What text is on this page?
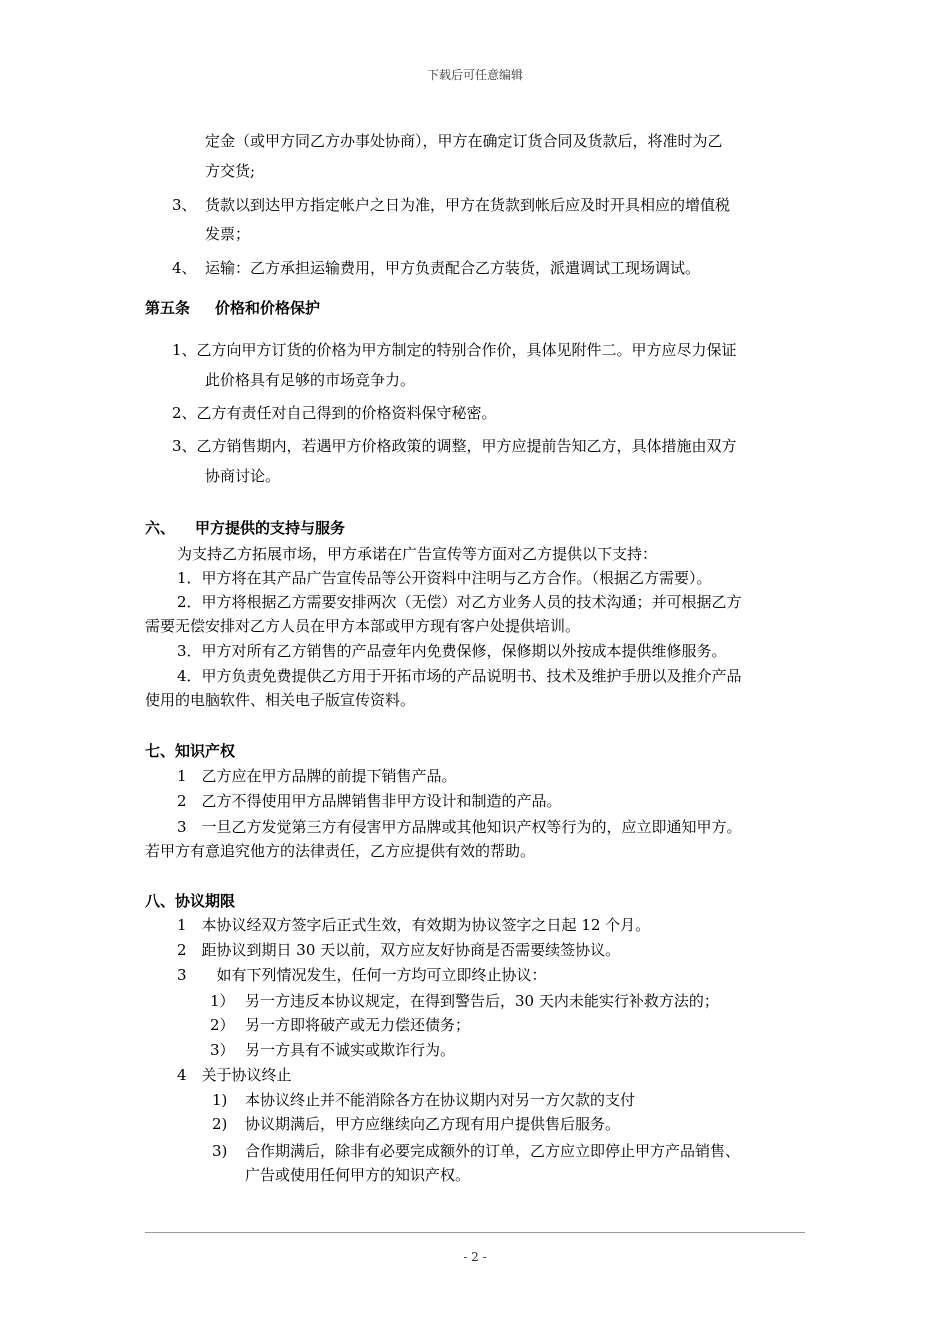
下载后可任意编辑
定金（或甲方同乙方办事处协商），甲方在确定订货合同及货款后，将准时为乙
方交货;
3、 货款以到达甲方指定帐户之日为准，甲方在货款到帐后应及时开具相应的增值税
发票；
4、 运输：乙方承担运输费用，甲方负责配合乙方装货，派遣调试工现场调试。
第五条 价格和价格保护
1、乙方向甲方订货的价格为甲方制定的特别合作价，具体见附件二。甲方应尽力保证
此价格具有足够的市场竞争力。
2、乙方有责任对自己得到的价格资料保守秘密。
3、乙方销售期内，若遇甲方价格政策的调整，甲方应提前告知乙方，具体措施由双方
协商讨论。
六、 甲方提供的支持与服务
为支持乙方拓展市场，甲方承诺在广告宣传等方面对乙方提供以下支持：
1．甲方将在其产品广告宣传品等公开资料中注明与乙方合作。（根据乙方需要）。
2．甲方将根据乙方需要安排两次（无偿）对乙方业务人员的技术沟通；并可根据乙方
需要无偿安排对乙方人员在甲方本部或甲方现有客户处提供培训。
3．甲方对所有乙方销售的产品壹年内免费保修，保修期以外按成本提供维修服务。
4．甲方负责免费提供乙方用于开拓市场的产品说明书、技术及维护手册以及推介产品
使用的电脑软件、相关电子版宣传资料。
七、知识产权
1　乙方应在甲方品牌的前提下销售产品。
2　乙方不得使用甲方品牌销售非甲方设计和制造的产品。
3　一旦乙方发觉第三方有侵害甲方品牌或其他知识产权等行为的，应立即通知甲方。
若甲方有意追究他方的法律责任，乙方应提供有效的帮助。
八、协议期限
1　本协议经双方签字后正式生效，有效期为协议签字之日起 12 个月。
2　距协议到期日 30 天以前，双方应友好协商是否需要续签协议。
3　　如有下列情况发生，任何一方均可立即终止协议：
1） 另一方违反本协议规定，在得到警告后，30 天内未能实行补救方法的；
2） 另一方即将破产或无力偿还债务；
3） 另一方具有不诚实或欺诈行为。
4　关于协议终止
1) 本协议终止并不能消除各方在协议期内对另一方欠款的支付
2) 协议期满后，甲方应继续向乙方现有用户提供售后服务。
3) 合作期满后，除非有必要完成额外的订单，乙方应立即停止甲方产品销售、
广告或使用任何甲方的知识产权。
- 2 -
